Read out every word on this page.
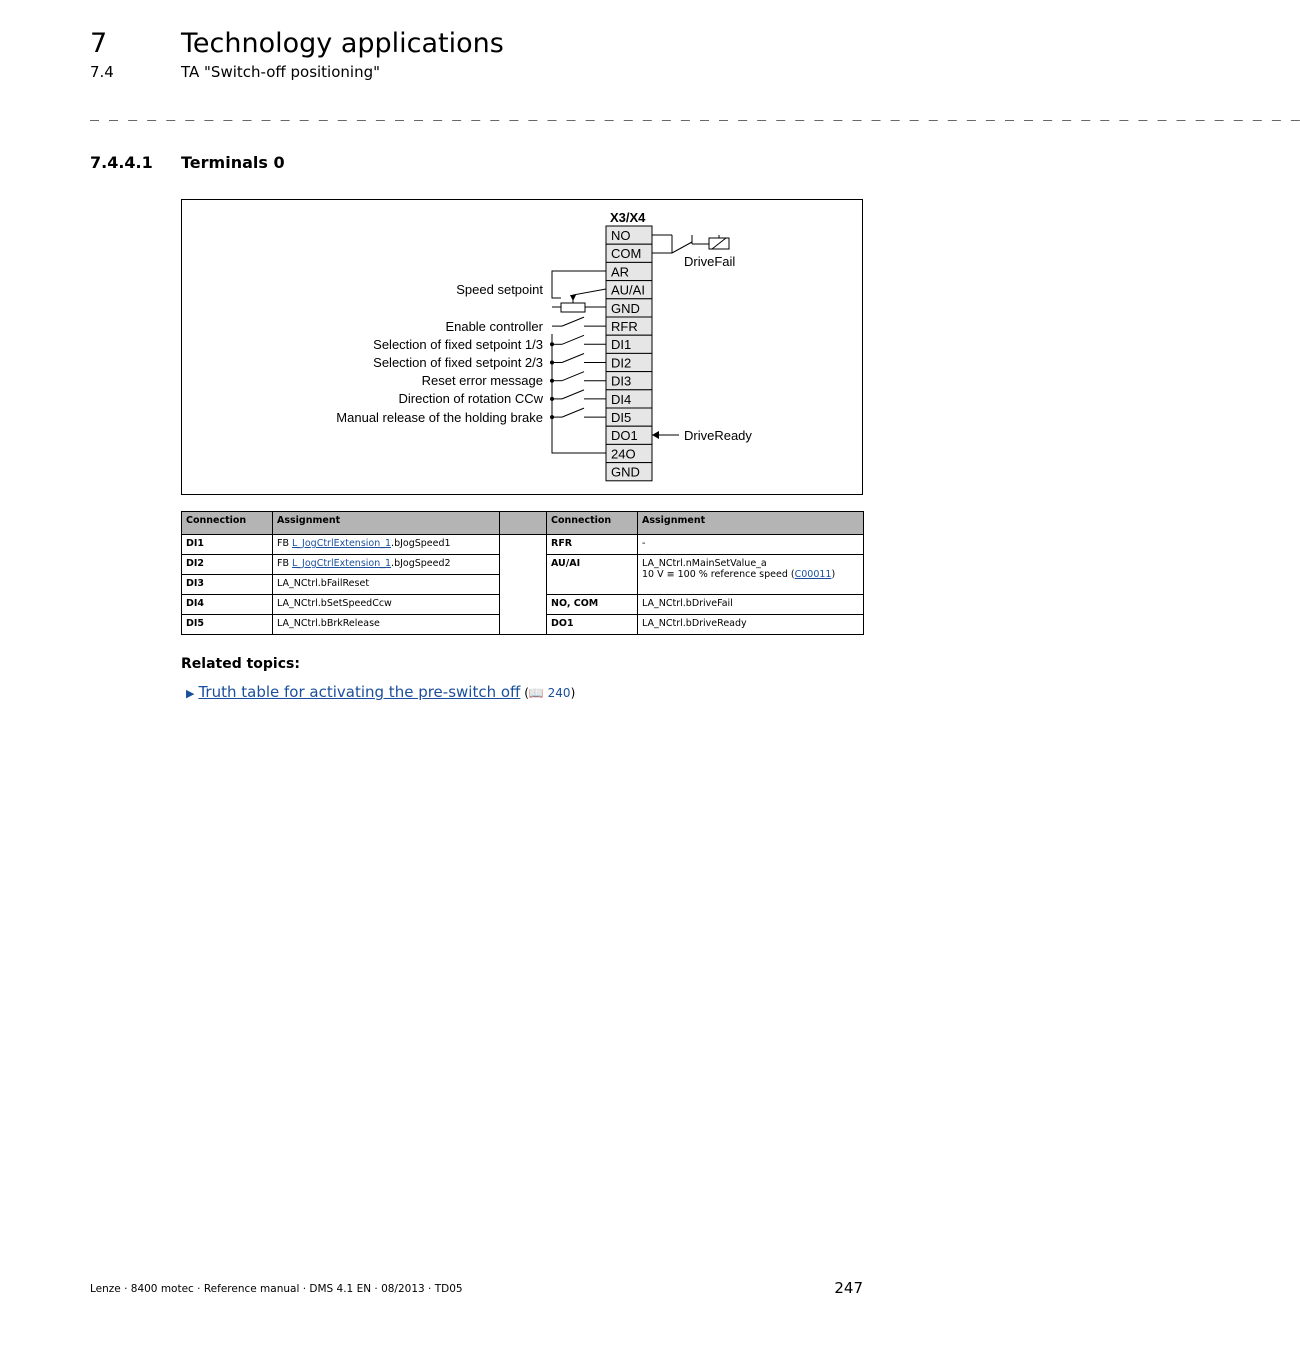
7	Technology applications
7.4	TA "Switch-off positioning"
_ _ _ _ _ _ _ _ _ _ _ _ _ _ _ _ _ _ _ _ _ _ _ _ _ _ _ _ _ _ _ _ _ _ _ _ _ _ _ _ _ _ _ _ _ _ _ _ _ _ _ _ _ _ _ _ _ _ _ _ _ _ _ _
7.4.4.1 Terminals 0
X3/X4
NO
COM
AR
AU/AI
GND
RFR
DI1
DI2
DI3
DI4
DI5
DO1
24O
GND
DriveFail
Speed setpoint
Enable controller
Selection of fixed setpoint 1/3
Selection of fixed setpoint 2/3
Reset error message
Direction of rotation CCw
Manual release of the holding brake
DriveReady
Connection	Assignment		Connection	Assignment
DI1	FB L_JogCtrlExtension_1.bJogSpeed1		RFR	-
DI2	FB L_JogCtrlExtension_1.bJogSpeed2		AU/AI	LA_NCtrl.nMainSetValue_a
10 V ≡ 100 % reference speed (C00011)
DI3	LA_NCtrl.bFailReset			
DI4	LA_NCtrl.bSetSpeedCcw		NO, COM	LA_NCtrl.bDriveFail
DI5	LA_NCtrl.bBrkRelease		DO1	LA_NCtrl.bDriveReady
Related topics:
▶ Truth table for activating the pre-switch off (📖 240)
Lenze · 8400 motec · Reference manual · DMS 4.1 EN · 08/2013 · TD05	247
